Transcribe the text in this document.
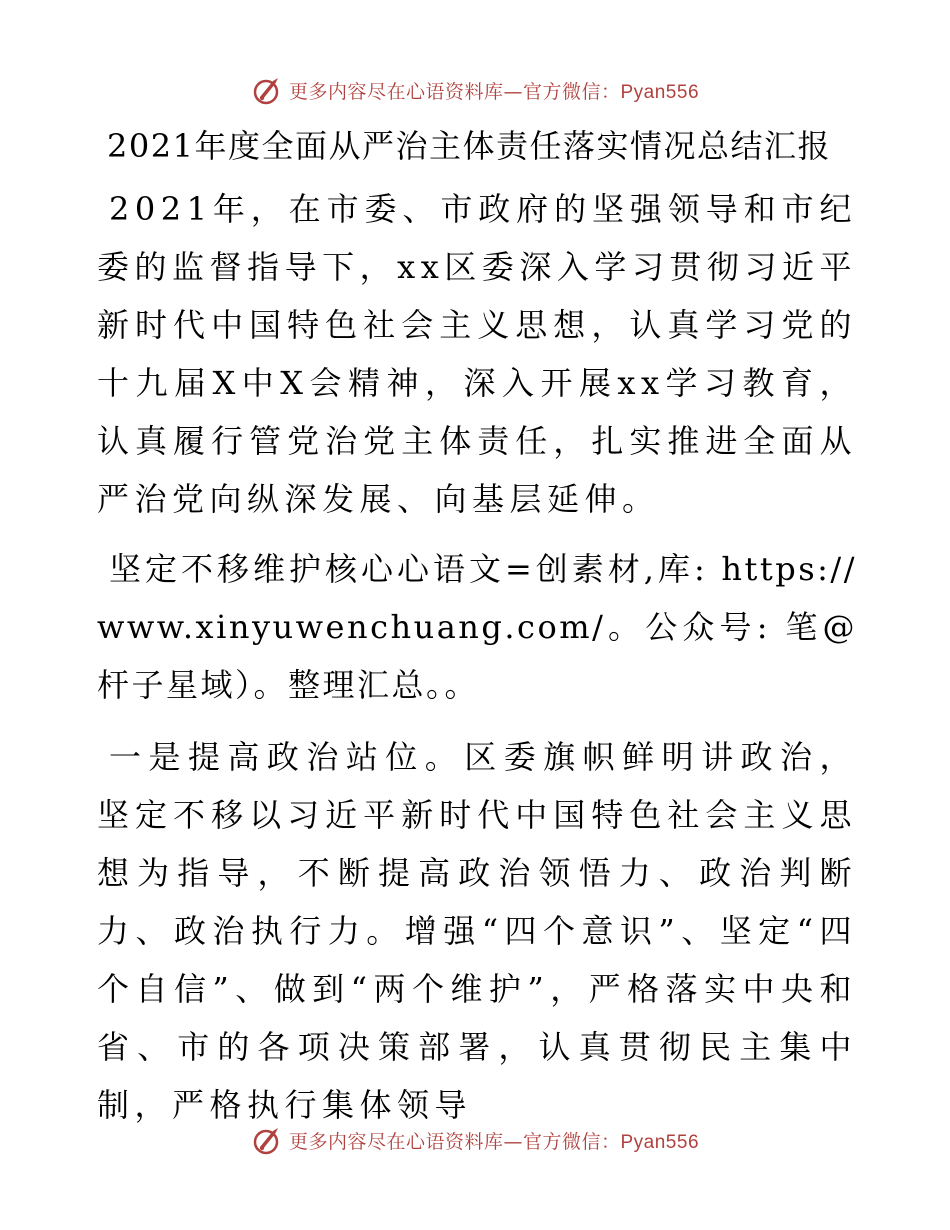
更多内容尽在心语资料库—官方微信：Pyan556
2021年度全面从严治主体责任落实情况总结汇报

2021年，在市委、市政府的坚强领导和市纪委的监督指导下，xx区委深入学习贯彻习近平新时代中国特色社会主义思想，认真学习党的十九届X中X会精神，深入开展xx学习教育，认真履行管党治党主体责任，扎实推进全面从严治党向纵深发展、向基层延伸。

坚定不移维护核心心语文=创素材,库: https://www.xinyuwenchuang.com/。公众号: 笔@杆子星域）。整理汇总。。

一是提高政治站位。区委旗帜鲜明讲政治，坚定不移以习近平新时代中国特色社会主义思想为指导，不断提高政治领悟力、政治判断力、政治执行力。增强“四个意识”、坚定“四个自信”、做到“两个维护”，严格落实中央和省、市的各项决策部署，认真贯彻民主集中制，严格执行集体领导

更多内容尽在心语资料库—官方微信：Pyan556
